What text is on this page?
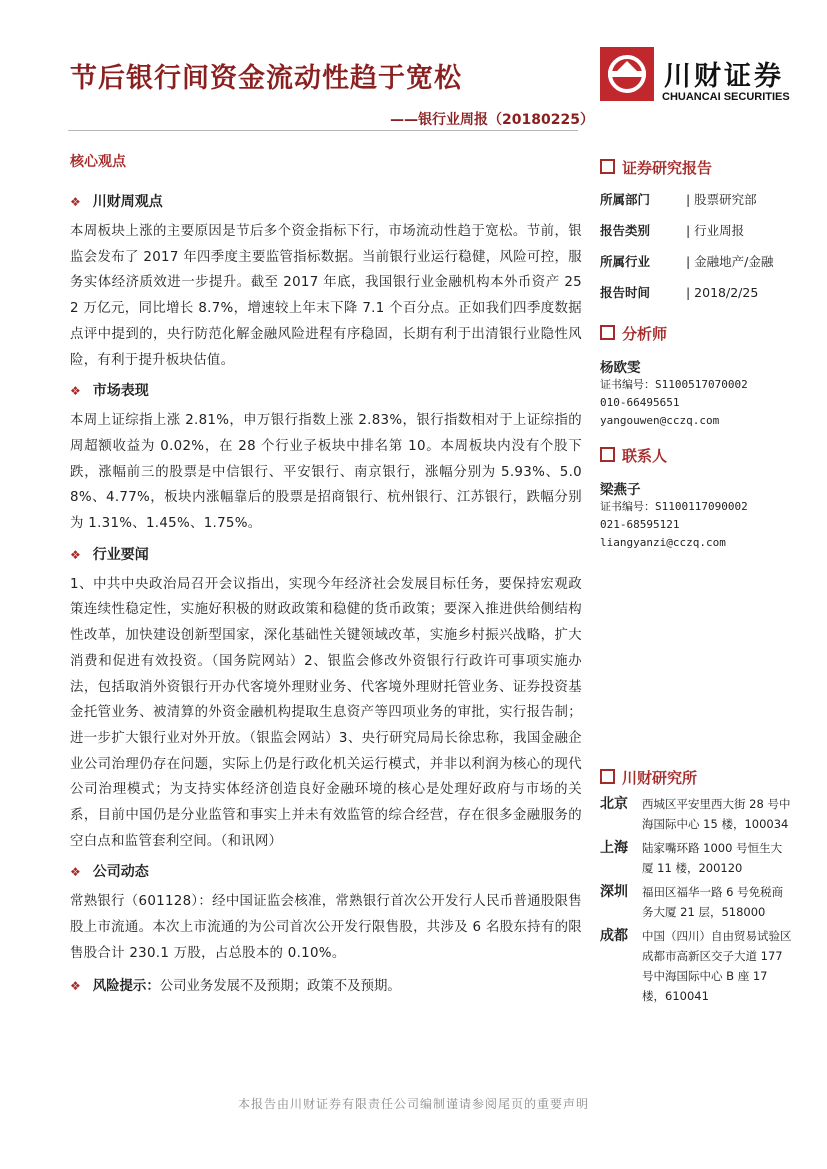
节后银行间资金流动性趋于宽松
——银行业周报（20180225）
川财证券
CHUANCAI SECURITIES
核心观点
❖ 川财周观点

本周板块上涨的主要原因是节后多个资金指标下行，市场流动性趋于宽松。节前，银监会发布了 2017 年四季度主要监管指标数据。当前银行业运行稳健，风险可控，服务实体经济质效进一步提升。截至 2017 年底，我国银行业金融机构本外币资产 252 万亿元，同比增长 8.7%，增速较上年末下降 7.1 个百分点。正如我们四季度数据点评中提到的，央行防范化解金融风险进程有序稳固，长期有利于出清银行业隐性风险，有利于提升板块估值。

❖ 市场表现

本周上证综指上涨 2.81%，申万银行指数上涨 2.83%，银行指数相对于上证综指的周超额收益为 0.02%，在 28 个行业子板块中排名第 10。本周板块内没有个股下跌，涨幅前三的股票是中信银行、平安银行、南京银行，涨幅分别为 5.93%、5.08%、4.77%，板块内涨幅靠后的股票是招商银行、杭州银行、江苏银行，跌幅分别为 1.31%、1.45%、1.75%。

❖ 行业要闻

1、中共中央政治局召开会议指出，实现今年经济社会发展目标任务，要保持宏观政策连续性稳定性，实施好积极的财政政策和稳健的货币政策；要深入推进供给侧结构性改革，加快建设创新型国家，深化基础性关键领域改革，实施乡村振兴战略，扩大消费和促进有效投资。（国务院网站）2、银监会修改外资银行行政许可事项实施办法，包括取消外资银行开办代客境外理财业务、代客境外理财托管业务、证券投资基金托管业务、被清算的外资金融机构提取生息资产等四项业务的审批，实行报告制；进一步扩大银行业对外开放。（银监会网站）3、央行研究局局长徐忠称，我国金融企业公司治理仍存在问题，实际上仍是行政化机关运行模式，并非以利润为核心的现代公司治理模式；为支持实体经济创造良好金融环境的核心是处理好政府与市场的关系，目前中国仍是分业监管和事实上并未有效监管的综合经营，存在很多金融服务的空白点和监管套利空间。（和讯网）

❖ 公司动态

常熟银行（601128）：经中国证监会核准，常熟银行首次公开发行人民币普通股限售股上市流通。本次上市流通的为公司首次公开发行限售股，共涉及 6 名股东持有的限售股合计 230.1 万股，占总股本的 0.10%。

❖ 风险提示：公司业务发展不及预期；政策不及预期。
证券研究报告
所属部门	| 股票研究部
报告类别	| 行业周报
所属行业	| 金融地产/金融
报告时间	| 2018/2/25
分析师
杨欧雯
证书编号：S1100517070002
010-66495651
yangouwen@cczq.com
联系人
梁燕子
证书编号：S1100117090002
021-68595121
liangyanzi@cczq.com
川财研究所
北京	西城区平安里西大街 28 号中海国际中心 15 楼，100034
上海	陆家嘴环路 1000 号恒生大厦 11 楼，200120
深圳	福田区福华一路 6 号免税商务大厦 21 层，518000
成都	中国（四川）自由贸易试验区成都市高新区交子大道 177 号中海国际中心 B 座 17 楼，610041
本报告由川财证券有限责任公司编制谨请参阅尾页的重要声明
